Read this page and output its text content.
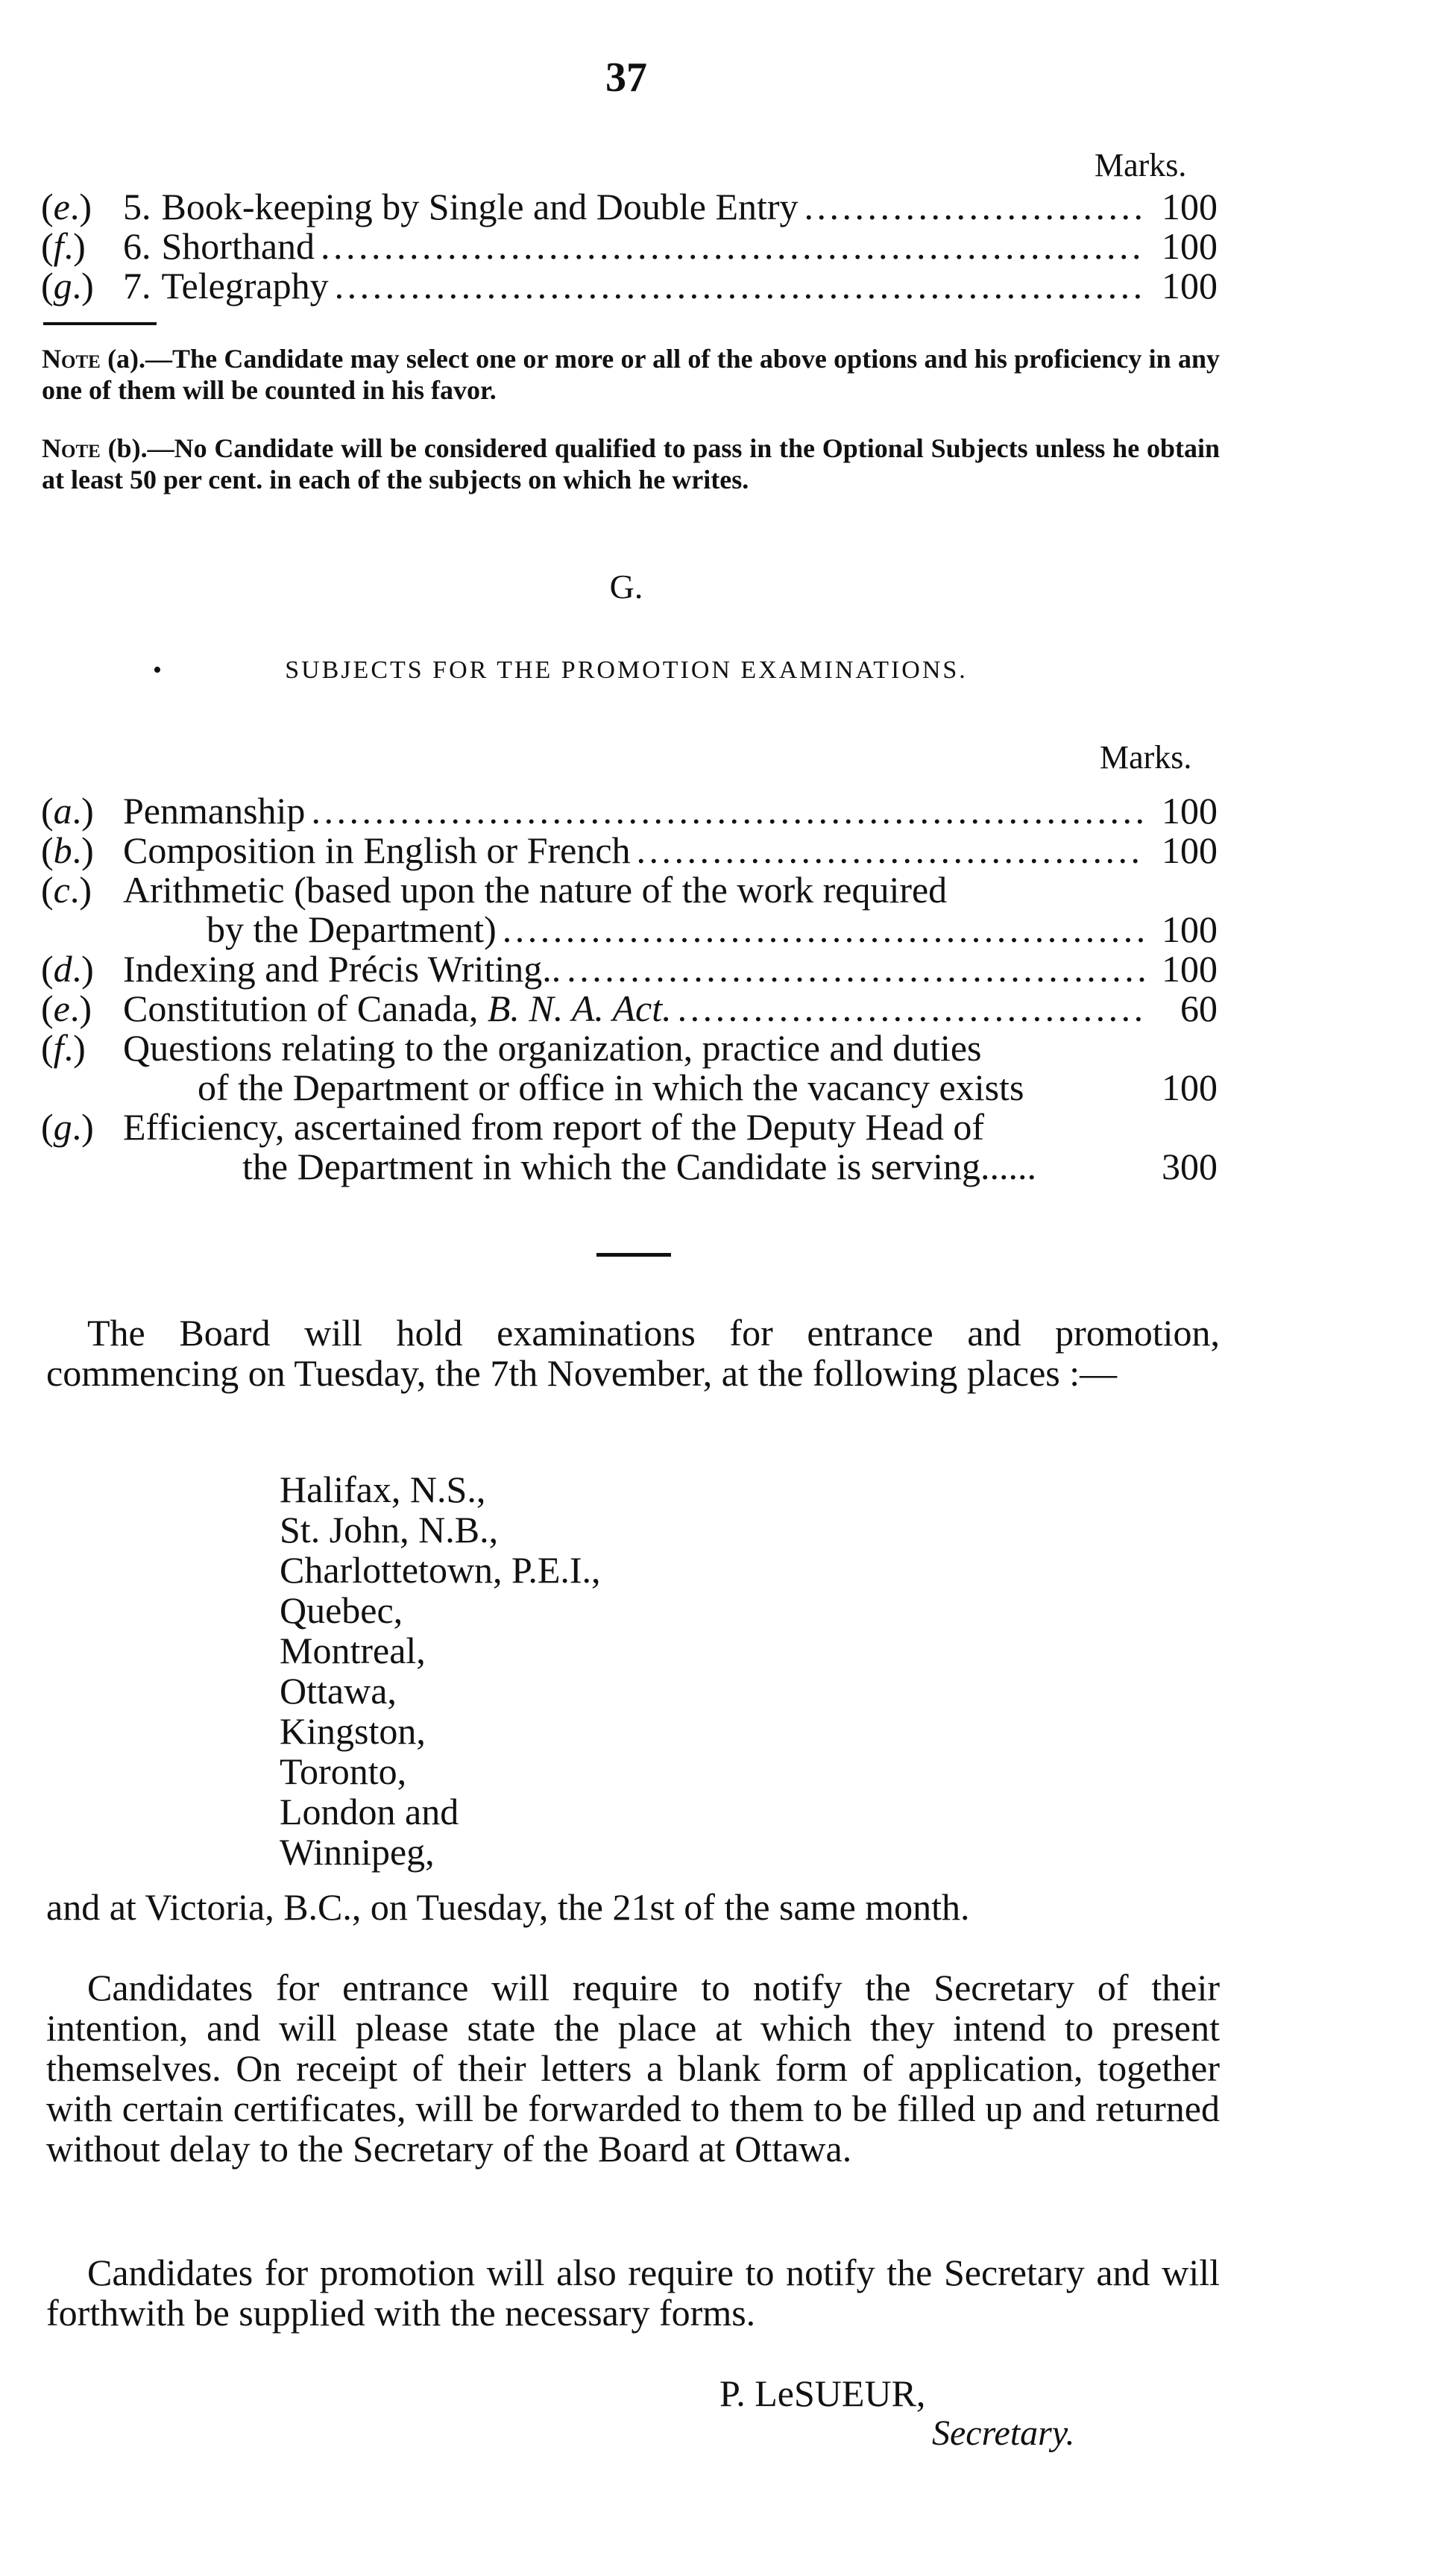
37
Marks.
(e.) 5. Book-keeping by Single and Double Entry . . .	100
(f.)	6. Shorthand . . .	100
(g.) 7. Telegraphy . . .	100
Note (a).—The Candidate may select one or more or all of the above options and his proficiency in any one of them will be counted in his favor.
Note (b).—No Candidate will be considered qualified to pass in the Optional Subjects unless he obtain at least 50 per cent. in each of the subjects on which he writes.
G.
•	SUBJECTS FOR THE PROMOTION EXAMINATIONS.
Marks.
(a.) Penmanship . . .	100
(b.) Composition in English or French . . .	100
(c.) Arithmetic (based upon the nature of the work required
by the Department) . . .	100
(d.) Indexing and Précis Writing.. . . .	100
(e.) Constitution of Canada, B. N. A. Act. . . .	60
(f.)	Questions relating to the organization, practice and duties
of the Department or office in which the vacancy exists	100
(g.) Efficiency, ascertained from report of the Deputy Head of
the Department in which the Candidate is serving......	300
The Board will hold examinations for entrance and promotion, commencing on Tuesday, the 7th November, at the following places :—
Halifax, N.S.,
St. John, N.B.,
Charlottetown, P.E.I.,
Quebec,
Montreal,
Ottawa,
Kingston,
Toronto,
London and
Winnipeg,
and at Victoria, B.C., on Tuesday, the 21st of the same month.
Candidates for entrance will require to notify the Secretary of their intention, and will please state the place at which they intend to present themselves. On receipt of their letters a blank form of application, together with certain certificates, will be forwarded to them to be filled up and returned without delay to the Secretary of the Board at Ottawa.
Candidates for promotion will also require to notify the Secretary and will forthwith be supplied with the necessary forms.
P. LeSUEUR,
Secretary.
